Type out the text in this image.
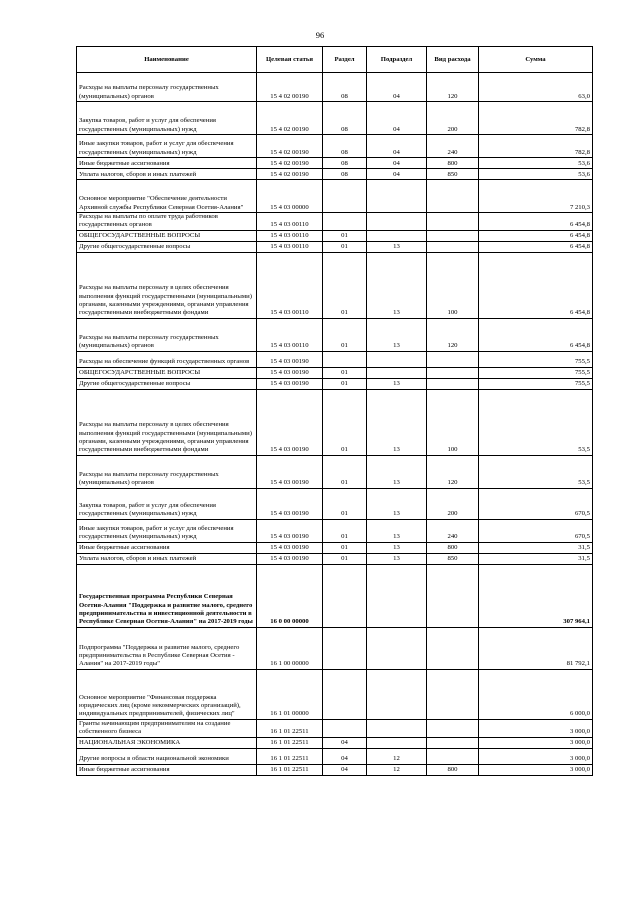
96
Наименование	Целевая статья	Раздел	Подраздел	Вид расхода	Сумма
Расходы на выплаты персоналу государственных (муниципальных) органов	15 4 02 00190	08	04	120	63,0
Закупка товаров, работ и услуг для обеспечения государственных (муниципальных) нужд	15 4 02 00190	08	04	200	782,8
Иные закупки товаров, работ и услуг для обеспечения государственных (муниципальных) нужд	15 4 02 00190	08	04	240	782,8
Иные бюджетные ассигнования	15 4 02 00190	08	04	800	53,6
Уплата налогов, сборов и иных платежей	15 4 02 00190	08	04	850	53,6
Основное мероприятие "Обеспечение деятельности Архивной службы Республики Северная Осетия-Алания"	15 4 03 00000				7 210,3
Расходы на выплаты по оплате труда работников государственных органов	15 4 03 00110				6 454,8
ОБЩЕГОСУДАРСТВЕННЫЕ ВОПРОСЫ	15 4 03 00110	01			6 454,8
Другие общегосударственные вопросы	15 4 03 00110	01	13		6 454,8
Расходы на выплаты персоналу в целях обеспечения выполнения функций государственными (муниципальными) органами, казенными учреждениями, органами управления государственными внебюджетными фондами	15 4 03 00110	01	13	100	6 454,8
Расходы на выплаты персоналу государственных (муниципальных) органов	15 4 03 00110	01	13	120	6 454,8
Расходы на обеспечение функций государственных органов	15 4 03 00190				755,5
ОБЩЕГОСУДАРСТВЕННЫЕ ВОПРОСЫ	15 4 03 00190	01			755,5
Другие общегосударственные вопросы	15 4 03 00190	01	13		755,5
Расходы на выплаты персоналу в целях обеспечения выполнения функций государственными (муниципальными) органами, казенными учреждениями, органами управления государственными внебюджетными фондами	15 4 03 00190	01	13	100	53,5
Расходы на выплаты персоналу государственных (муниципальных) органов	15 4 03 00190	01	13	120	53,5
Закупка товаров, работ и услуг для обеспечения государственных (муниципальных) нужд	15 4 03 00190	01	13	200	670,5
Иные закупки товаров, работ и услуг для обеспечения государственных (муниципальных) нужд	15 4 03 00190	01	13	240	670,5
Иные бюджетные ассигнования	15 4 03 00190	01	13	800	31,5
Уплата налогов, сборов и иных платежей	15 4 03 00190	01	13	850	31,5
Государственная программа Республики Северная Осетия-Алания "Поддержка и развитие малого, среднего предпринимательства и инвестиционной деятельности в Республике Северная Осетия-Алания" на 2017-2019 годы	16 0 00 00000				307 964,1
Подпрограмма "Поддержка и развитие малого, среднего предпринимательства в Республике Северная Осетия - Алания" на 2017-2019 годы"	16 1 00 00000				81 792,1
Основное мероприятие "Финансовая поддержка юридических лиц (кроме некоммерческих организаций), индивидуальных предпринимателей, физических лиц"	16 1 01 00000				6 000,0
Гранты начинающим предпринимателям на создание собственного бизнеса	16 1 01 22511				3 000,0
НАЦИОНАЛЬНАЯ ЭКОНОМИКА	16 1 01 22511	04			3 000,0
Другие вопросы в области национальной экономики	16 1 01 22511	04	12		3 000,0
Иные бюджетные ассигнования	16 1 01 22511	04	12	800	3 000,0
